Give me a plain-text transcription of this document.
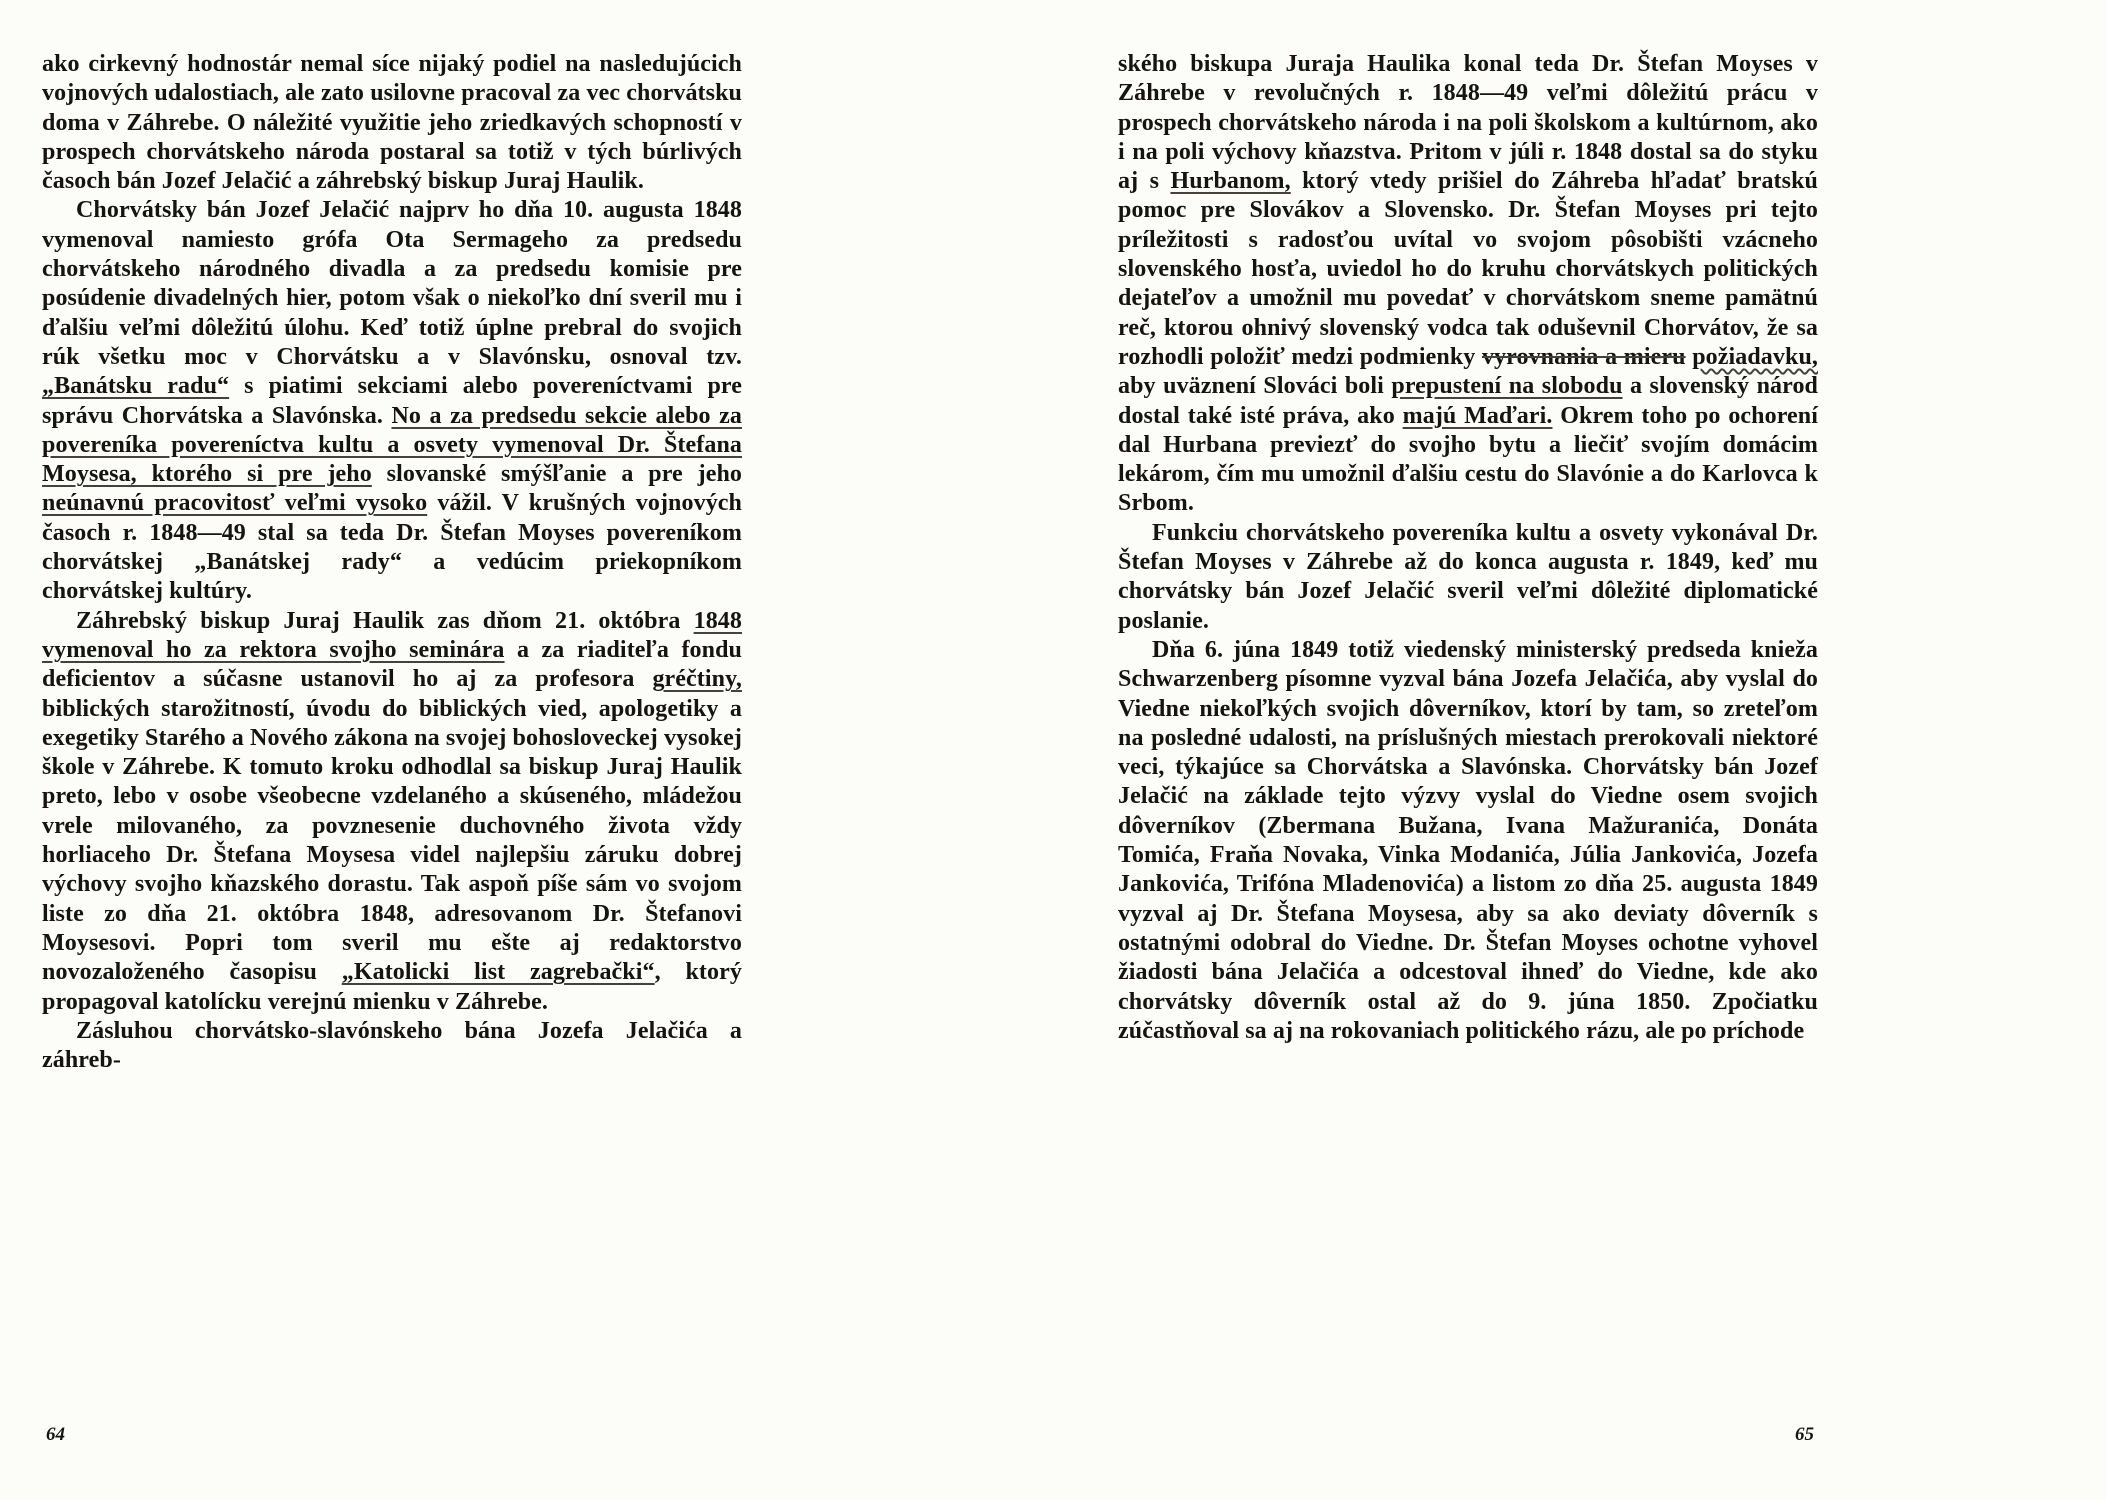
ako cirkevný hodnostár nemal síce nijaký podiel na nasledujúcich vojnových udalostiach, ale zato usilovne pracoval za vec chorvátsku doma v Záhrebe. O náležité využitie jeho zriedkavých schopností v prospech chorvátskeho národa postaral sa totiž v tých búrlivých časoch bán Jozef Jelačić a záhrebský biskup Juraj Haulik.

Chorvátsky bán Jozef Jelačić najprv ho dňa 10. augusta 1848 vymenoval namiesto grófa Ota Sermageho za predsedu chorvátskeho národného divadla a za predsedu komisie pre posúdenie divadelných hier, potom však o niekoľko dní sveril mu i ďalšiu veľmi dôležitú úlohu. Keď totiž úplne prebral do svojich rúk všetku moc v Chorvátsku a v Slavónsku, osnoval tzv. „Banátsku radu“ s piatimi sekciami alebo povereníctvami pre správu Chorvátska a Slavónska. No a za predsedu sekcie alebo za povereníka povereníctva kultu a osvety vymenoval Dr. Štefana Moysesa, ktorého si pre jeho slovanské smýšľanie a pre jeho neúnavnú pracovitosť veľmi vysoko vážil. V krušných vojnových časoch r. 1848—49 stal sa teda Dr. Štefan Moyses povereníkom chorvátskej „Banátskej rady“ a vedúcim priekopníkom chorvátskej kultúry.

Záhrebský biskup Juraj Haulik zas dňom 21. októbra 1848 vymenoval ho za rektora svojho seminára a za riaditeľa fondu deficientov a súčasne ustanovil ho aj za profesora gréčtiny, biblických starožitností, úvodu do biblických vied, apologetiky a exegetiky Starého a Nového zákona na svojej bohosloveckej vysokej škole v Záhrebe. K tomuto kroku odhodlal sa biskup Juraj Haulik preto, lebo v osobe všeobecne vzdelaného a skúseného, mládežou vrele milovaného, za povznesenie duchovného života vždy horliaceho Dr. Štefana Moysesa videl najlepšiu záruku dobrej výchovy svojho kňazského dorastu. Tak aspoň píše sám vo svojom liste zo dňa 21. októbra 1848, adresovanom Dr. Štefanovi Moysesovi. Popri tom sveril mu ešte aj redaktorstvo novozaloženého časopisu „Katolicki list zagrebački“, ktorý propagoval katolícku verejnú mienku v Záhrebe.

Zásluhou chorvátsko-slavónskeho bána Jozefa Jelačića a záhreb-

64

ského biskupa Juraja Haulika konal teda Dr. Štefan Moyses v Záhrebe v revolučných r. 1848—49 veľmi dôležitú prácu v prospech chorvátskeho národa i na poli školskom a kultúrnom, ako i na poli výchovy kňazstva. Pritom v júli r. 1848 dostal sa do styku aj s Hurbanom, ktorý vtedy prišiel do Záhreba hľadať bratskú pomoc pre Slovákov a Slovensko. Dr. Štefan Moyses pri tejto príležitosti s radosťou uvítal vo svojom pôsobišti vzácneho slovenského hosťa, uviedol ho do kruhu chorvátskych politických dejateľov a umožnil mu povedať v chorvátskom sneme pamätnú reč, ktorou ohnivý slovenský vodca tak oduševnil Chorvátov, že sa rozhodli položiť medzi podmienky vyrovnania a mieru požiadavku, aby uväznení Slováci boli prepustení na slobodu a slovenský národ dostal také isté práva, ako majú Maďari. Okrem toho po ochorení dal Hurbana previezť do svojho bytu a liečiť svojím domácim lekárom, čím mu umožnil ďalšiu cestu do Slavónie a do Karlovca k Srbom.

Funkciu chorvátskeho povereníka kultu a osvety vykonával Dr. Štefan Moyses v Záhrebe až do konca augusta r. 1849, keď mu chorvátsky bán Jozef Jelačić sveril veľmi dôležité diplomatické poslanie.

Dňa 6. júna 1849 totiž viedenský ministerský predseda knieža Schwarzenberg písomne vyzval bána Jozefa Jelačića, aby vyslal do Viedne niekoľkých svojich dôverníkov, ktorí by tam, so zreteľom na posledné udalosti, na príslušných miestach prerokovali niektoré veci, týkajúce sa Chorvátska a Slavónska. Chorvátsky bán Jozef Jelačić na základe tejto výzvy vyslal do Viedne osem svojich dôverníkov (Zbermana Bužana, Ivana Mažuranića, Donáta Tomića, Fraňa Novaka, Vinka Modanića, Júlia Jankovića, Jozefa Jankovića, Trifóna Mladenovića) a listom zo dňa 25. augusta 1849 vyzval aj Dr. Štefana Moysesa, aby sa ako deviaty dôverník s ostatnými odobral do Viedne. Dr. Štefan Moyses ochotne vyhovel žiadosti bána Jelačića a odcestoval ihneď do Viedne, kde ako chorvátsky dôverník ostal až do 9. júna 1850. Zpočiatku zúčastňoval sa aj na rokovaniach politického rázu, ale po príchode

65
